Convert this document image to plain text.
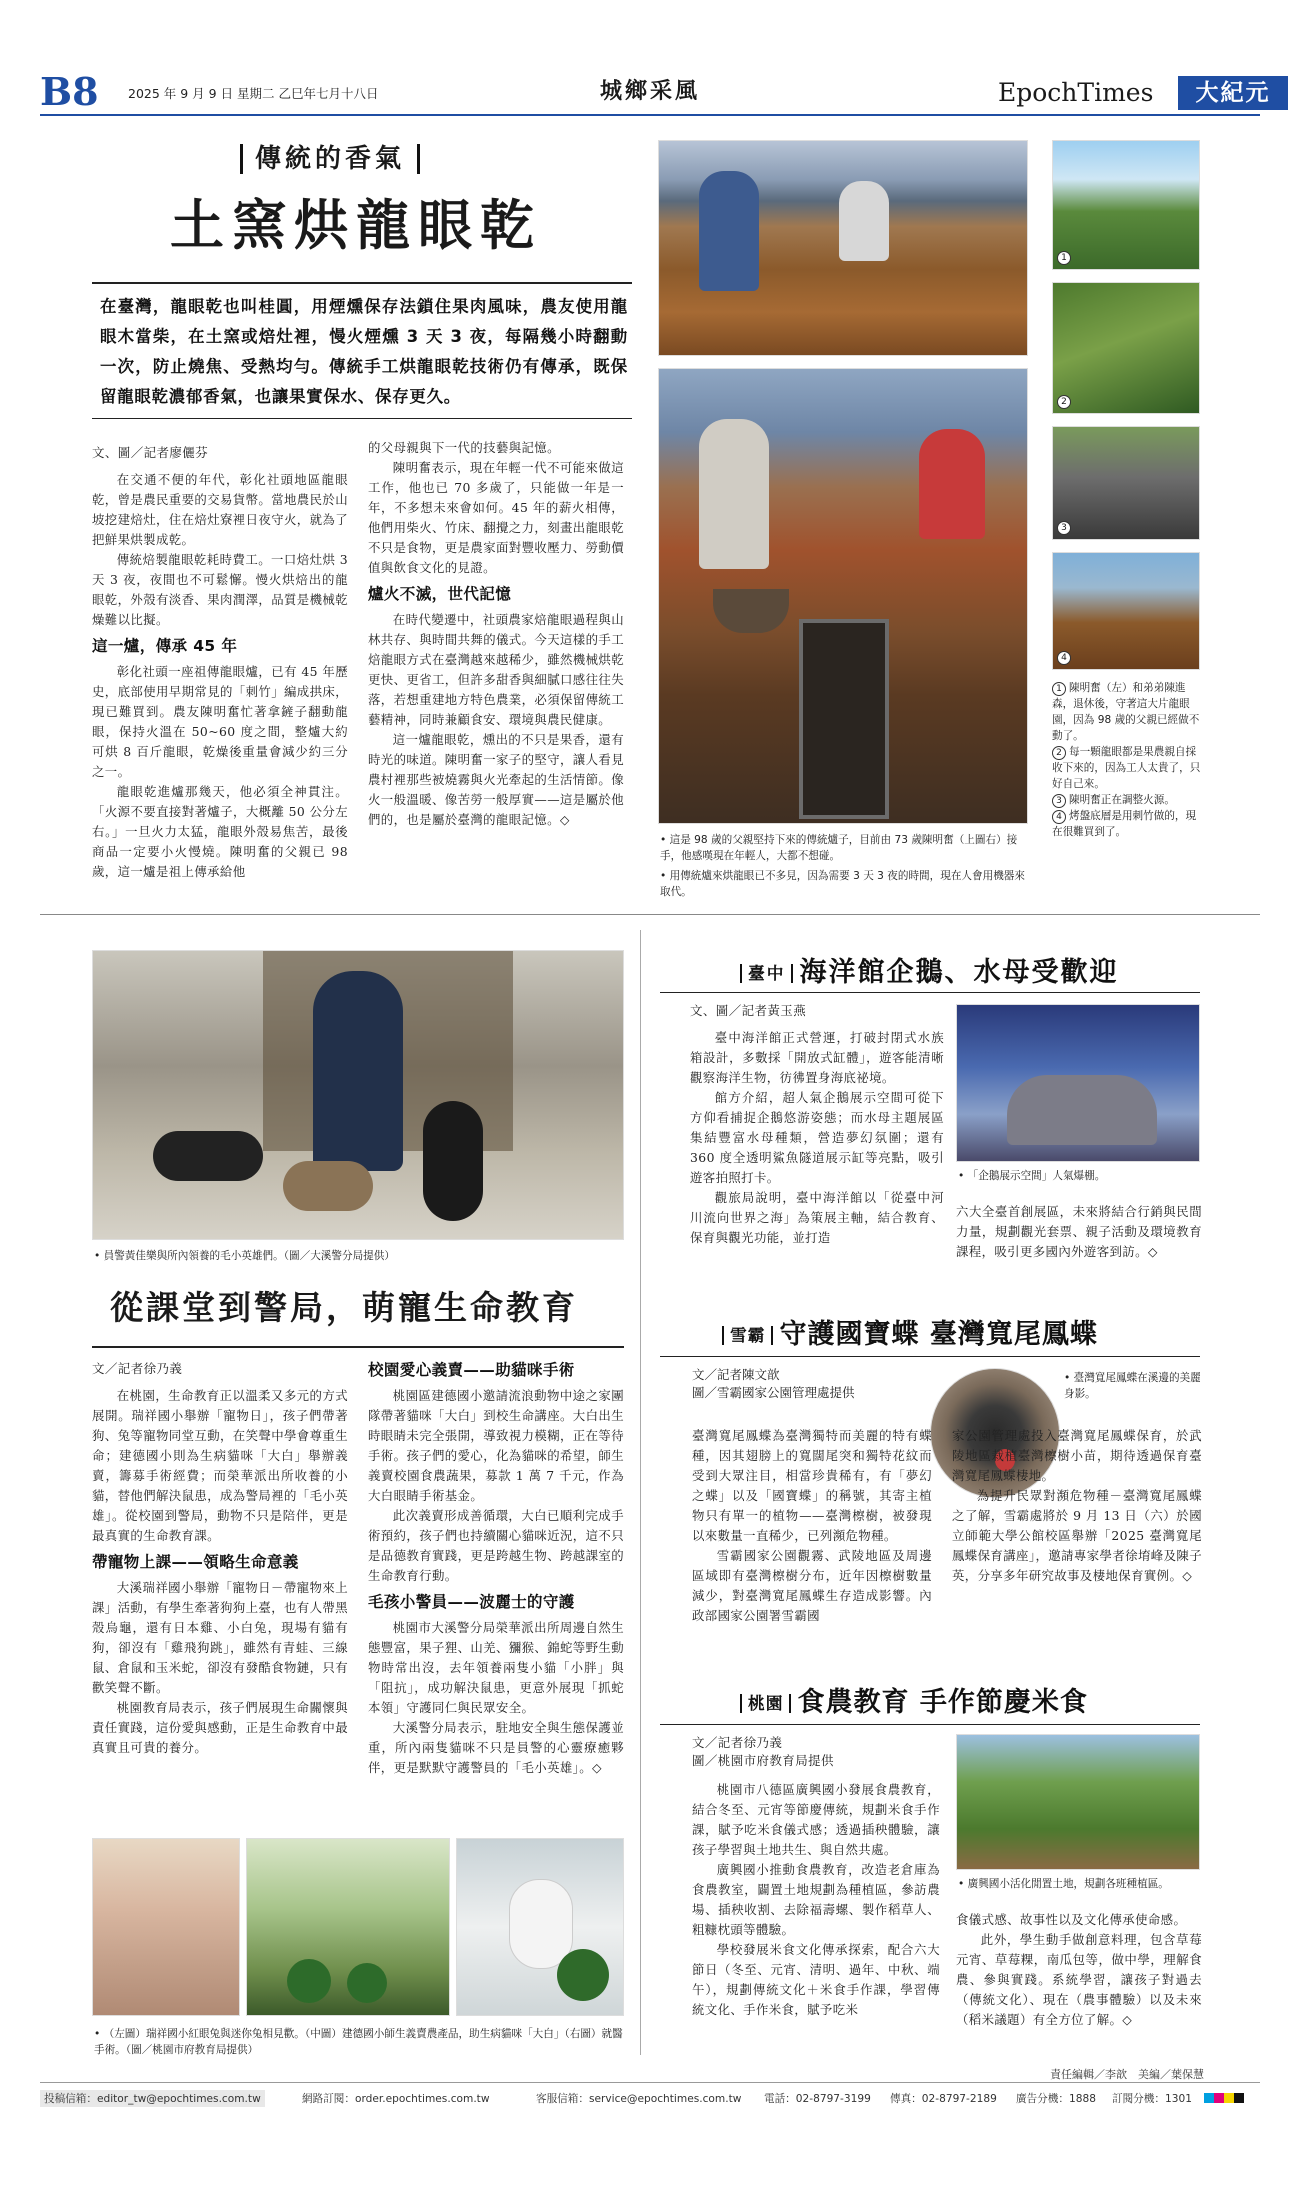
B8 2025 年 9 月 9 日 星期二 乙巳年七月十八日	城鄉采風	EpochTimes	大紀元
傳統的香氣
土窯烘龍眼乾
在臺灣，龍眼乾也叫桂圓，用煙燻保存法鎖住果肉風味，農友使用龍眼木當柴，在土窯或焙灶裡，慢火煙燻 3 天 3 夜，每隔幾小時翻動一次，防止燒焦、受熱均勻。傳統手工烘龍眼乾技術仍有傳承，既保留龍眼乾濃郁香氣，也讓果實保水、保存更久。
文、圖／記者廖儷芬

在交通不便的年代，彰化社頭地區龍眼乾，曾是農民重要的交易貨幣。當地農民於山坡挖建焙灶，住在焙灶寮裡日夜守火，就為了把鮮果烘製成乾。

傳統焙製龍眼乾耗時費工。一口焙灶烘 3 天 3 夜，夜間也不可鬆懈。慢火烘焙出的龍眼乾，外殼有淡香、果肉潤澤，品質是機械乾燥難以比擬。

這一爐，傳承 45 年

彰化社頭一座祖傳龍眼爐，已有 45 年歷史，底部使用早期常見的「刺竹」編成拱床，現已難買到。農友陳明奮忙著拿鏟子翻動龍眼，保持火溫在 50~60 度之間，整爐大約可烘 8 百斤龍眼，乾燥後重量會減少約三分之一。

龍眼乾進爐那幾天，他必須全神貫注。「火源不要直接對著爐子，大概離 50 公分左右。」一旦火力太猛，龍眼外殼易焦苦，最後商品一定要小火慢燒。陳明奮的父親已 98 歲，這一爐是祖上傳承給他

的父母親與下一代的技藝與記憶。

陳明奮表示，現在年輕一代不可能來做這工作，他也已 70 多歲了，只能做一年是一年，不多想未來會如何。45 年的薪火相傳，他們用柴火、竹床、翻攪之力，刻畫出龍眼乾不只是食物，更是農家面對豐收壓力、勞動價值與飲食文化的見證。

爐火不滅，世代記憶

在時代變遷中，社頭農家焙龍眼過程與山林共存、與時間共舞的儀式。今天這樣的手工焙龍眼方式在臺灣越來越稀少，雖然機械烘乾更快、更省工，但許多甜香與細膩口感往往失落，若想重建地方特色農業，必須保留傳統工藝精神，同時兼顧食安、環境與農民健康。

這一爐龍眼乾，燻出的不只是果香，還有時光的味道。陳明奮一家子的堅守，讓人看見農村裡那些被燒霧與火光牽起的生活情節。像火一般溫暖、像苦勞一般厚實——這是屬於他們的，也是屬於臺灣的龍眼記憶。◇

• 這是 98 歲的父親堅持下來的傳統爐子，目前由 73 歲陳明奮（上圖右）接手，他感嘆現在年輕人，大都不想碰。
• 用傳統爐來烘龍眼已不多見，因為需要 3 天 3 夜的時間，現在人會用機器來取代。
1
2
3
4
1 陳明奮（左）和弟弟陳進森，退休後，守著這大片龍眼園，因為 98 歲的父親已經做不動了。
2 每一顆龍眼都是果農親自採收下來的，因為工人太貴了，只好自己來。
3 陳明奮正在調整火源。
4 烤盤底層是用刺竹做的，現在很難買到了。
• 員警黃佳樂與所內領養的毛小英雄們。（圖／大溪警分局提供）
從課堂到警局，萌寵生命教育
文／記者徐乃義

在桃園，生命教育正以溫柔又多元的方式展開。瑞祥國小舉辦「寵物日」，孩子們帶著狗、兔等寵物同堂互動，在笑聲中學會尊重生命；建德國小則為生病貓咪「大白」舉辦義賣，籌募手術經費；而榮華派出所收養的小貓，替他們解決鼠患，成為警局裡的「毛小英雄」。從校園到警局，動物不只是陪伴，更是最真實的生命教育課。

帶寵物上課——領略生命意義

大溪瑞祥國小舉辦「寵物日－帶寵物來上課」活動，有學生牽著狗狗上臺，也有人帶黑殼烏龜，還有日本雞、小白兔，現場有貓有狗，卻沒有「雞飛狗跳」，雖然有青蛙、三線鼠、倉鼠和玉米蛇，卻沒有發酷食物鏈，只有歡笑聲不斷。

桃園教育局表示，孩子們展現生命關懷與責任實踐，這份愛與感動，正是生命教育中最真實且可貴的養分。

校園愛心義賣——助貓咪手術

桃園區建德國小邀請流浪動物中途之家團隊帶著貓咪「大白」到校生命講座。大白出生時眼睛未完全張開，導致視力模糊，正在等待手術。孩子們的愛心，化為貓咪的希望，師生義賣校園食農蔬果，募款 1 萬 7 千元，作為大白眼睛手術基金。

此次義賣形成善循環，大白已順利完成手術預約，孩子們也持續關心貓咪近況，這不只是品德教育實踐，更是跨越生物、跨越課室的生命教育行動。

毛孩小警員——波麗士的守護

桃園市大溪警分局榮華派出所周邊自然生態豐富，果子狸、山羌、獼猴、錦蛇等野生動物時常出沒，去年領養兩隻小貓「小胖」與「阻抗」，成功解決鼠患，更意外展現「抓蛇本領」守護同仁與民眾安全。

大溪警分局表示，駐地安全與生態保護並重，所內兩隻貓咪不只是員警的心靈療癒夥伴，更是默默守護警員的「毛小英雄」。◇

• （左圖）瑞祥國小紅眼兔與迷你兔相見歡。（中圖）建德國小師生義賣農產品，助生病貓咪「大白」（右圖）就醫手術。（圖／桃園市府教育局提供）
臺中 海洋館企鵝、水母受歡迎
文、圖／記者黃玉燕

臺中海洋館正式營運，打破封閉式水族箱設計，多數採「開放式缸體」，遊客能清晰觀察海洋生物，彷彿置身海底祕境。

館方介紹，超人氣企鵝展示空間可從下方仰看捕捉企鵝悠游姿態；而水母主題展區集結豐富水母種類，營造夢幻氛圍；還有 360 度全透明鯊魚隧道展示缸等亮點，吸引遊客拍照打卡。

觀旅局說明，臺中海洋館以「從臺中河川流向世界之海」為策展主軸，結合教育、保育與觀光功能，並打造

• 「企鵝展示空間」人氣爆棚。

六大全臺首創展區，未來將結合行銷與民間力量，規劃觀光套票、親子活動及環境教育課程，吸引更多國內外遊客到訪。◇

雪霸 守護國寶蝶 臺灣寬尾鳳蝶
文／記者陳文歆
圖／雪霸國家公園管理處提供
• 臺灣寬尾鳳蝶在溪邊的美麗身影。

臺灣寬尾鳳蝶為臺灣獨特而美麗的特有蝶種，因其翅膀上的寬闊尾突和獨特花紋而受到大眾注目，相當珍貴稀有，有「夢幻之蝶」以及「國寶蝶」的稱號，其寄主植物只有單一的植物——臺灣檫樹，被發現以來數量一直稀少，已列瀕危物種。

雪霸國家公園觀霧、武陵地區及周邊區域即有臺灣檫樹分布，近年因檫樹數量減少，對臺灣寬尾鳳蝶生存造成影響。內政部國家公園署雪霸國

家公園管理處投入臺灣寬尾鳳蝶保育，於武陵地區栽植臺灣檫樹小苗，期待透過保育臺灣寬尾鳳蝶棲地。

為提升民眾對瀕危物種－臺灣寬尾鳳蝶之了解，雪霸處將於 9 月 13 日（六）於國立師範大學公館校區舉辦「2025 臺灣寬尾鳳蝶保育講座」，邀請專家學者徐堉峰及陳子英，分享多年研究故事及棲地保育實例。◇

桃園 食農教育 手作節慶米食
文／記者徐乃義
圖／桃園市府教育局提供

桃園市八德區廣興國小發展食農教育，結合冬至、元宵等節慶傳統，規劃米食手作課，賦予吃米食儀式感；透過插秧體驗，讓孩子學習與土地共生、與自然共處。

廣興國小推動食農教育，改造老倉庫為食農教室，闢置土地規劃為種植區，參訪農場、插秧收割、去除福壽螺、製作稻草人、粗糠枕頭等體驗。

學校發展米食文化傳承探索，配合六大節日（冬至、元宵、清明、過年、中秋、端午），規劃傳統文化＋米食手作課，學習傳統文化、手作米食，賦予吃米

• 廣興國小活化閒置土地，規劃各班種植區。

食儀式感、故事性以及文化傳承使命感。

此外，學生動手做創意料理，包含草莓元宵、草莓粿，南瓜包等，做中學，理解食農、參與實踐。系統學習，讓孩子對過去（傳統文化）、現在（農事體驗）以及未來（稻米議題）有全方位了解。◇

責任編輯／李歆　美編／葉保慧
投稿信箱：editor_tw@epochtimes.com.tw	網路訂閱：order.epochtimes.com.tw	客服信箱：service@epochtimes.com.tw 電話：02-8797-3199 傳真：02-8797-2189 廣告分機：1888 訂閱分機：1301
